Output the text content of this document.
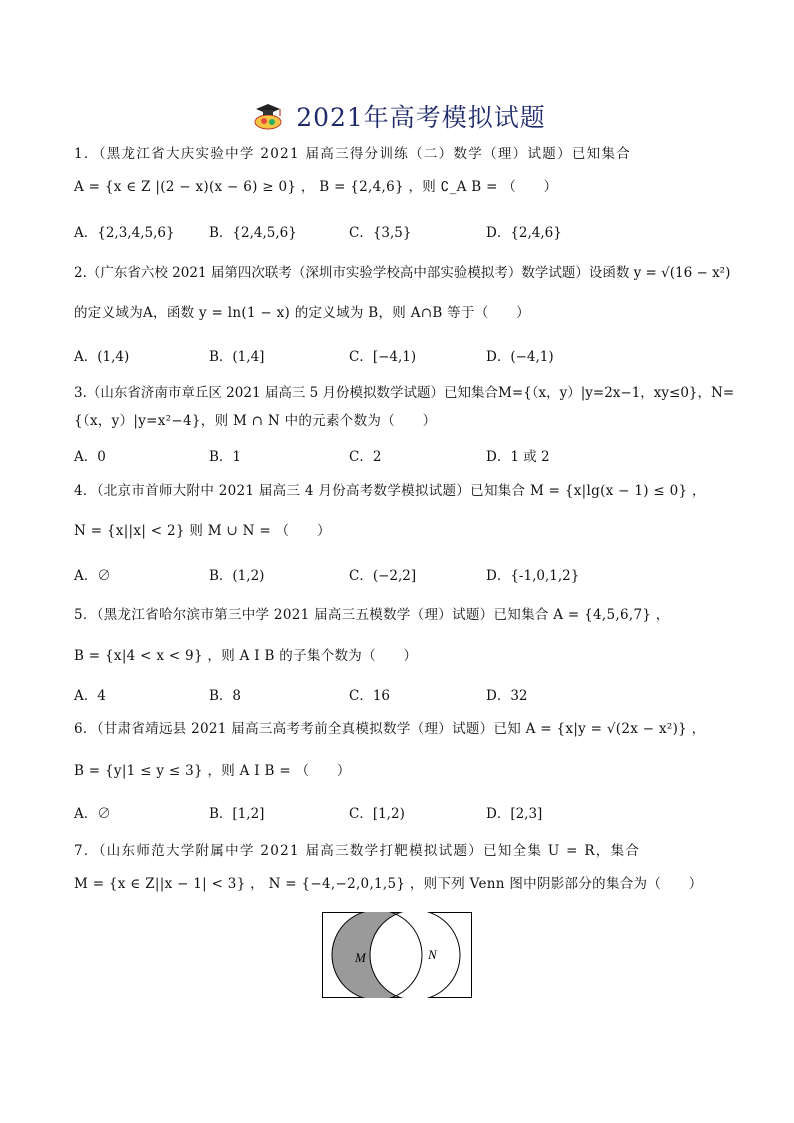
2021年高考模拟试题
1．（黑龙江省大庆实验中学 2021 届高三得分训练（二）数学（理）试题）已知集合
A = {x ∈ Z |(2 − x)(x − 6) ≥ 0} ， B = {2,4,6} ，则 ∁_A B = （　　）
A．{2,3,4,5,6}	B．{2,4,5,6}	C．{3,5}	D．{2,4,6}
2.（广东省六校 2021 届第四次联考（深圳市实验学校高中部实验模拟考）数学试题）设函数 y = √(16 − x²)
的定义域为A，函数 y = ln(1 − x) 的定义域为 B，则 A∩B 等于（　　）
A．(1,4)	B．(1,4]	C．[−4,1)	D．(−4,1)
3.（山东省济南市章丘区 2021 届高三 5 月份模拟数学试题）已知集合M={（x，y）|y=2x−1，xy≤0}，N=
{（x，y）|y=x²−4}，则 M ∩ N 中的元素个数为（　　）
A．0	B．1	C．2	D．1 或 2
4．（北京市首师大附中 2021 届高三 4 月份高考数学模拟试题）已知集合 M = {x|lg(x − 1) ≤ 0} ，
N = {x||x| < 2} 则 M ∪ N = （　　）
A．∅	B．(1,2)	C．(−2,2]	D．{-1,0,1,2}
5．（黑龙江省哈尔滨市第三中学 2021 届高三五模数学（理）试题）已知集合 A = {4,5,6,7} ，
B = {x|4 < x < 9} ，则 A I B 的子集个数为（　　）
A．4	B．8	C．16	D．32
6．（甘肃省靖远县 2021 届高三高考考前全真模拟数学（理）试题）已知 A = {x|y = √(2x − x²)} ，
B = {y|1 ≤ y ≤ 3} ，则 A I B = （　　）
A．∅	B．[1,2]	C．[1,2)	D．[2,3]
7．（山东师范大学附属中学 2021 届高三数学打靶模拟试题）已知全集 U = R，集合
M = {x ∈ Z||x − 1| < 3} ， N = {−4,−2,0,1,5} ，则下列 Venn 图中阴影部分的集合为（　　）
M	N
